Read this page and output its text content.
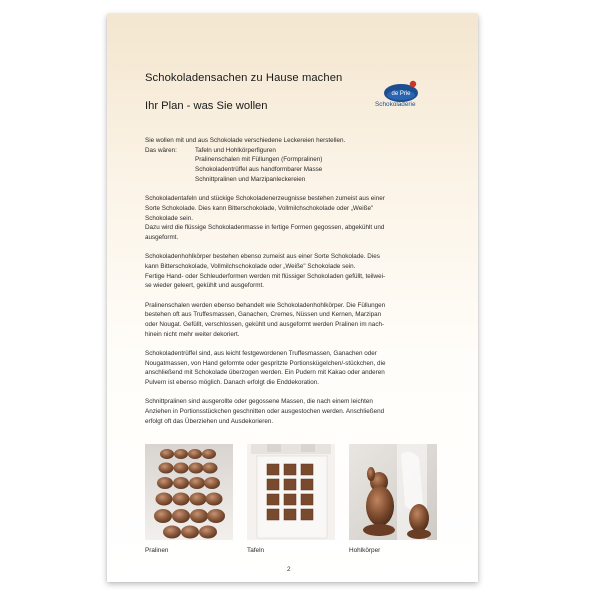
Schokoladensachen zu Hause machen
Ihr Plan - was Sie wollen
de Prie
Schokoladerie

Sie wollen mit und aus Schokolade verschiedene Leckereien herstellen.
Das wären:	Tafeln und Hohlkörperfiguren
Pralinenschalen mit Füllungen (Formpralinen)
Schokoladentrüffel aus handformbarer Masse
Schnittpralinen und Marzipanleckereien

Schokoladentafeln und stückige Schokoladenerzeugnisse bestehen zumeist aus einer
Sorte Schokolade. Dies kann Bitterschokolade, Vollmilchschokolade oder „Weiße"
Schokolade sein.
Dazu wird die flüssige Schokoladenmasse in fertige Formen gegossen, abgekühlt und
ausgeformt.

Schokoladenhohlkörper bestehen ebenso zumeist aus einer Sorte Schokolade. Dies
kann Bitterschokolade, Vollmilchschokolade oder „Weiße" Schokolade sein.
Fertige Hand- oder Schleuderformen werden mit flüssiger Schokoladen gefüllt, teilwei-
se wieder geleert, gekühlt und ausgeformt.

Pralinenschalen werden ebenso behandelt wie Schokoladenhohlkörper. Die Füllungen
bestehen oft aus Truffesmassen, Ganachen, Cremes, Nüssen und Kernen, Marzipan
oder Nougat. Gefüllt, verschlossen, gekühlt und ausgeformt werden Pralinen im nach-
hinein nicht mehr weiter dekoriert.

Schokoladentrüffel sind, aus leicht festgewordenen Truffesmassen, Ganachen oder
Nougatmassen, von Hand geformte oder gespritzte Portionskügelchen/-stückchen, die
anschließend mit Schokolade überzogen werden. Ein Pudern mit Kakao oder anderen
Pulvern ist ebenso möglich. Danach erfolgt die Enddekoration.

Schnittpralinen sind ausgerollte oder gegossene Massen, die nach einem leichten
Anziehen in Portionsstückchen geschnitten oder ausgestochen werden. Anschließend
erfolgt oft das Überziehen und Ausdekorieren.

Pralinen	Tafeln	Hohlkörper
2
